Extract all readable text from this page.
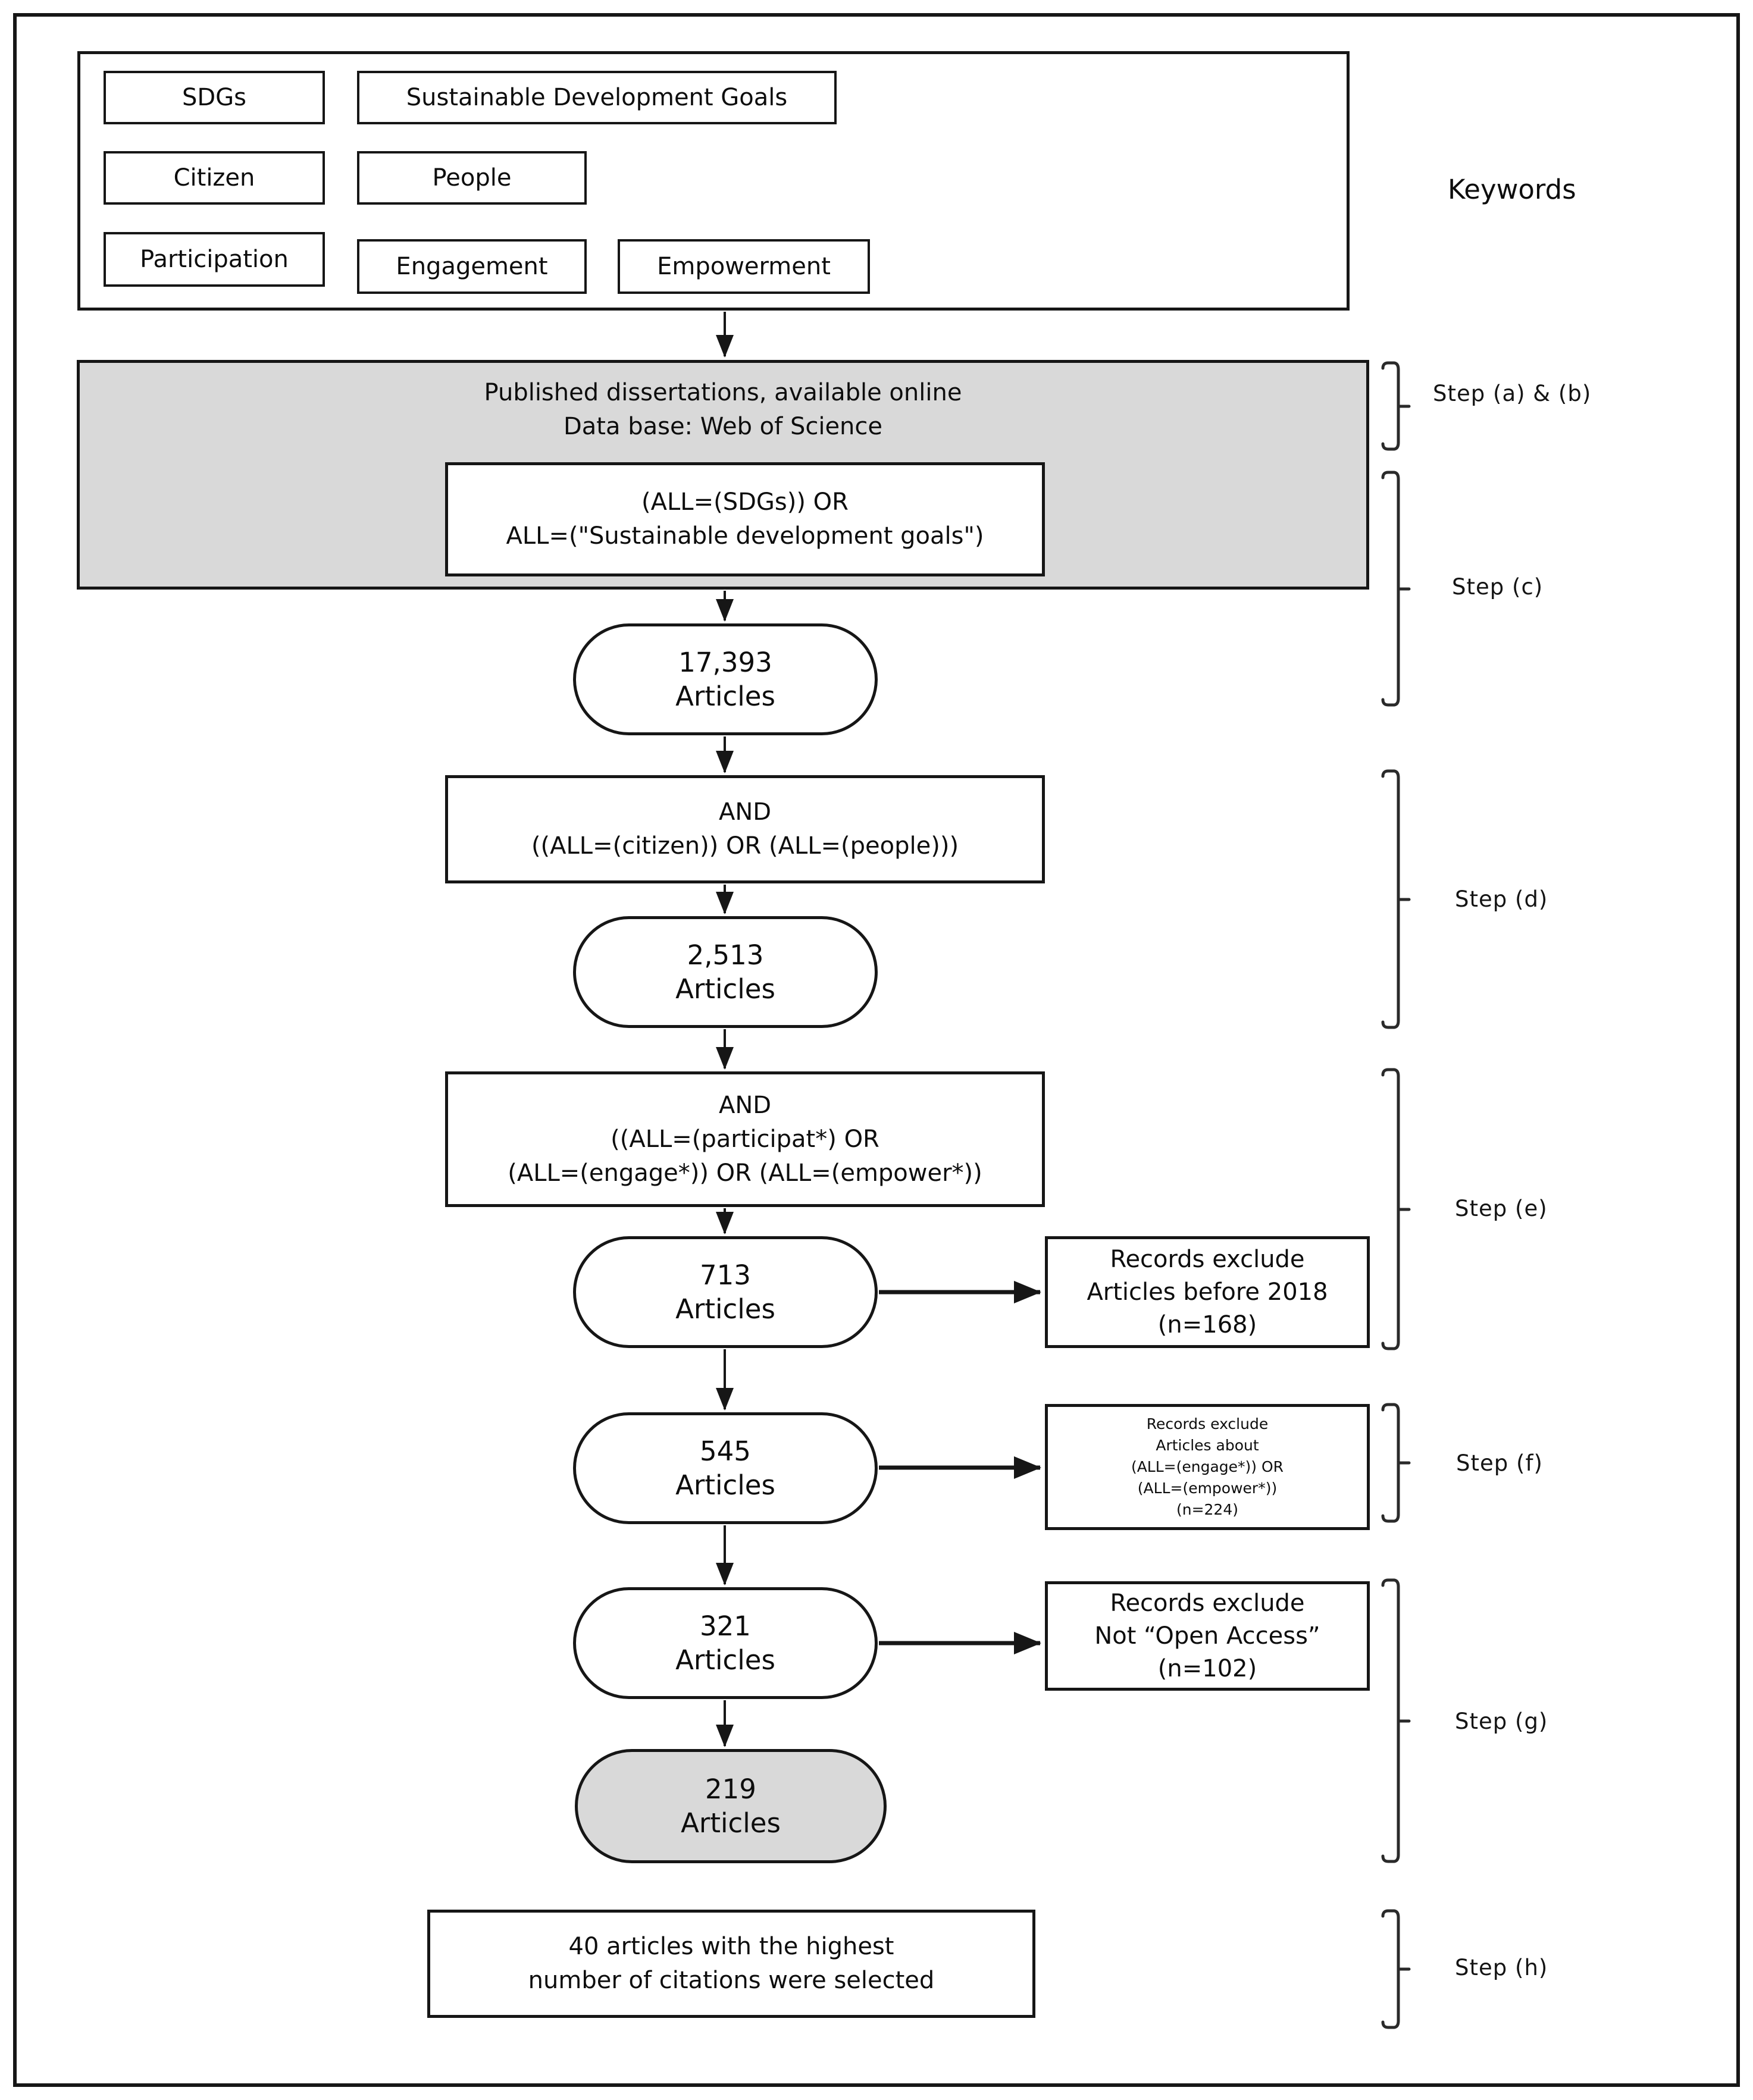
SDGs	Sustainable Development Goals
Citizen	People
Participation	Engagement	Empowerment
Keywords
Published dissertations, available online
Data base: Web of Science
(ALL=(SDGs)) OR
ALL=("Sustainable development goals")
17,393
Articles
AND
((ALL=(citizen)) OR (ALL=(people)))
2,513
Articles
AND
((ALL=(participat*) OR
(ALL=(engage*)) OR (ALL=(empower*))
713
Articles
Records exclude
Articles before 2018
(n=168)
545
Articles
Records exclude
Articles about
(ALL=(engage*)) OR
(ALL=(empower*))
(n=224)
321
Articles
Records exclude
Not “Open Access”
(n=102)
219
Articles
40 articles with the highest
number of citations were selected
Step (a) & (b)
Step (c)
Step (d)
Step (e)
Step (f)
Step (g)
Step (h)
